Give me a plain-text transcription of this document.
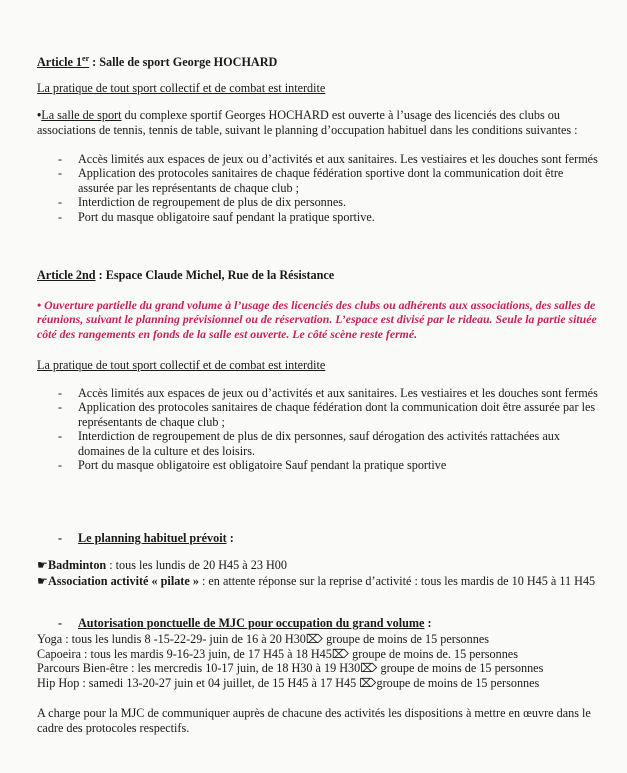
Article 1er : Salle de sport George HOCHARD
La pratique de tout sport collectif et de combat est interdite
•La salle de sport du complexe sportif Georges HOCHARD est ouverte à l’usage des licenciés des clubs ou associations de tennis, tennis de table, suivant le planning d’occupation habituel dans les conditions suivantes :
- Accès limités aux espaces de jeux ou d’activités et aux sanitaires. Les vestiaires et les douches sont fermés
- Application des protocoles sanitaires de chaque fédération sportive dont la communication doit être assurée par les représentants de chaque club ;
- Interdiction de regroupement de plus de dix personnes.
- Port du masque obligatoire sauf pendant la pratique sportive.
Article 2nd : Espace Claude Michel, Rue de la Résistance
• Ouverture partielle du grand volume à l’usage des licenciés des clubs ou adhérents aux associations, des salles de réunions, suivant le planning prévisionnel ou de réservation. L’espace est divisé par le rideau. Seule la partie située côté des rangements en fonds de la salle est ouverte. Le côté scène reste fermé.
La pratique de tout sport collectif et de combat est interdite
- Accès limités aux espaces de jeux ou d’activités et aux sanitaires. Les vestiaires et les douches sont fermés
- Application des protocoles sanitaires de chaque fédération dont la communication doit être assurée par les représentants de chaque club ;
- Interdiction de regroupement de plus de dix personnes, sauf dérogation des activités rattachées aux domaines de la culture et des loisirs.
- Port du masque obligatoire est obligatoire Sauf pendant la pratique sportive
- Le planning habituel prévoit :
☛Badminton : tous les lundis de 20 H45 à 23 H00
☛Association activité « pilate » : en attente réponse sur la reprise d’activité : tous les mardis de 10 H45 à 11 H45
- Autorisation ponctuelle de MJC pour occupation du grand volume :

Yoga : tous les lundis 8 -15-22-29- juin de 16 à 20 H30⌦ groupe de moins de 15 personnes

Capoeira : tous les mardis 9-16-23 juin, de 17 H45 à 18 H45⌦ groupe de moins de. 15 personnes

Parcours Bien-être : les mercredis 10-17 juin, de 18 H30 à 19 H30⌦ groupe de moins de 15 personnes

Hip Hop : samedi 13-20-27 juin et 04 juillet, de 15 H45 à 17 H45 ⌦groupe de moins de 15 personnes

A charge pour la MJC de communiquer auprès de chacune des activités les dispositions à mettre en œuvre dans le cadre des protocoles respectifs.
